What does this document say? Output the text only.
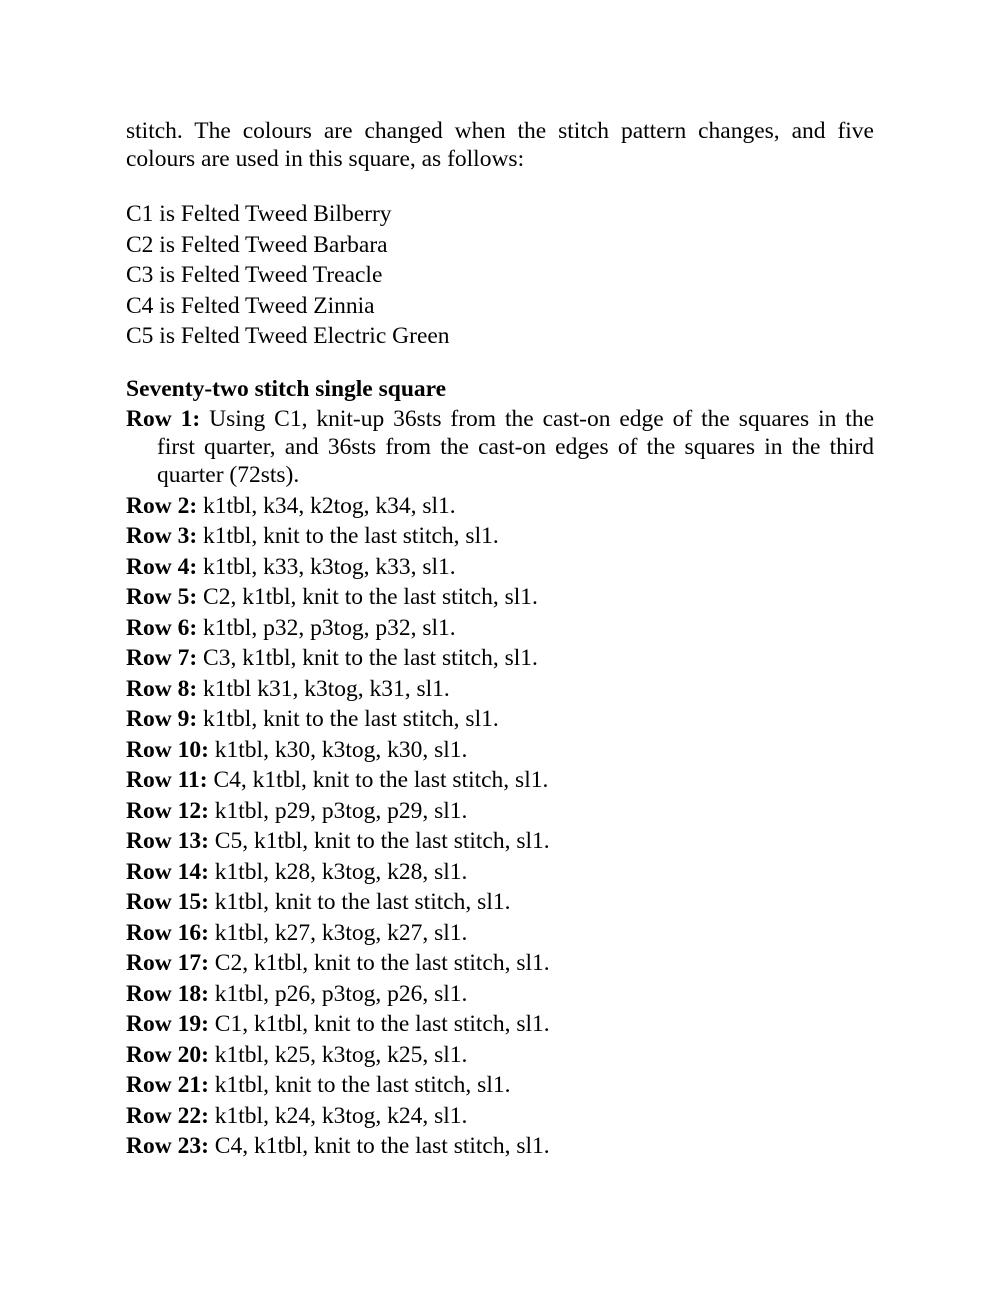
stitch. The colours are changed when the stitch pattern changes, and five colours are used in this square, as follows:

C1 is Felted Tweed Bilberry
C2 is Felted Tweed Barbara
C3 is Felted Tweed Treacle
C4 is Felted Tweed Zinnia
C5 is Felted Tweed Electric Green
Seventy-two stitch single square
Row 1: Using C1, knit-up 36sts from the cast-on edge of the squares in the first quarter, and 36sts from the cast-on edges of the squares in the third quarter (72sts).
Row 2: k1tbl, k34, k2tog, k34, sl1.
Row 3: k1tbl, knit to the last stitch, sl1.
Row 4: k1tbl, k33, k3tog, k33, sl1.
Row 5: C2, k1tbl, knit to the last stitch, sl1.
Row 6: k1tbl, p32, p3tog, p32, sl1.
Row 7: C3, k1tbl, knit to the last stitch, sl1.
Row 8: k1tbl k31, k3tog, k31, sl1.
Row 9: k1tbl, knit to the last stitch, sl1.
Row 10: k1tbl, k30, k3tog, k30, sl1.
Row 11: C4, k1tbl, knit to the last stitch, sl1.
Row 12: k1tbl, p29, p3tog, p29, sl1.
Row 13: C5, k1tbl, knit to the last stitch, sl1.
Row 14: k1tbl, k28, k3tog, k28, sl1.
Row 15: k1tbl, knit to the last stitch, sl1.
Row 16: k1tbl, k27, k3tog, k27, sl1.
Row 17: C2, k1tbl, knit to the last stitch, sl1.
Row 18: k1tbl, p26, p3tog, p26, sl1.
Row 19: C1, k1tbl, knit to the last stitch, sl1.
Row 20: k1tbl, k25, k3tog, k25, sl1.
Row 21: k1tbl, knit to the last stitch, sl1.
Row 22: k1tbl, k24, k3tog, k24, sl1.
Row 23: C4, k1tbl, knit to the last stitch, sl1.
